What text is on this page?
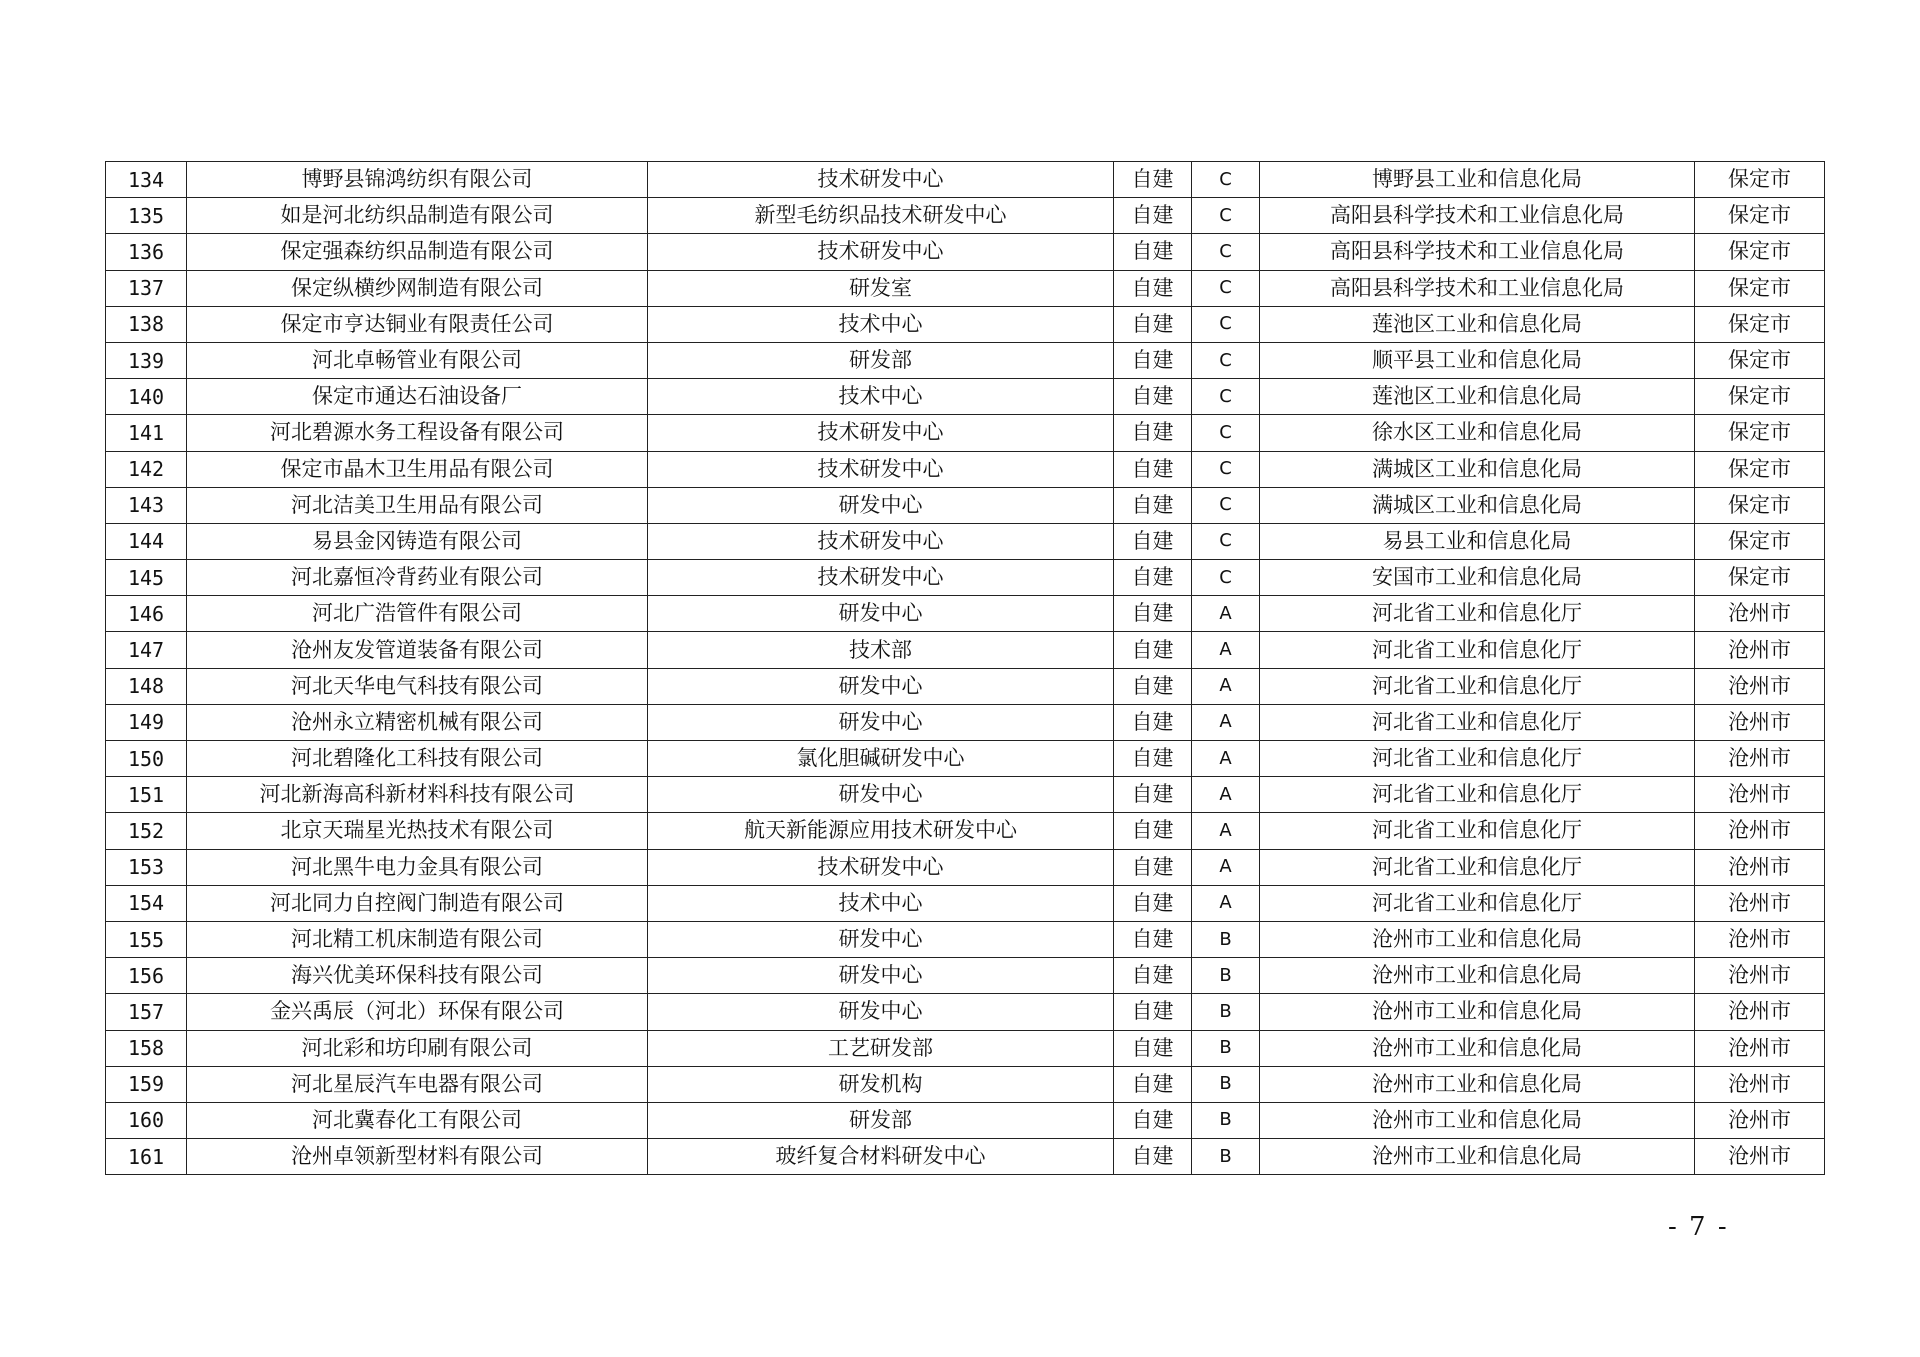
134	博野县锦鸿纺织有限公司	技术研发中心	自建	C	博野县工业和信息化局	保定市
135	如是河北纺织品制造有限公司	新型毛纺织品技术研发中心	自建	C	高阳县科学技术和工业信息化局	保定市
136	保定强森纺织品制造有限公司	技术研发中心	自建	C	高阳县科学技术和工业信息化局	保定市
137	保定纵横纱网制造有限公司	研发室	自建	C	高阳县科学技术和工业信息化局	保定市
138	保定市亨达铜业有限责任公司	技术中心	自建	C	莲池区工业和信息化局	保定市
139	河北卓畅管业有限公司	研发部	自建	C	顺平县工业和信息化局	保定市
140	保定市通达石油设备厂	技术中心	自建	C	莲池区工业和信息化局	保定市
141	河北碧源水务工程设备有限公司	技术研发中心	自建	C	徐水区工业和信息化局	保定市
142	保定市晶木卫生用品有限公司	技术研发中心	自建	C	满城区工业和信息化局	保定市
143	河北洁美卫生用品有限公司	研发中心	自建	C	满城区工业和信息化局	保定市
144	易县金冈铸造有限公司	技术研发中心	自建	C	易县工业和信息化局	保定市
145	河北嘉恒冷背药业有限公司	技术研发中心	自建	C	安国市工业和信息化局	保定市
146	河北广浩管件有限公司	研发中心	自建	A	河北省工业和信息化厅	沧州市
147	沧州友发管道装备有限公司	技术部	自建	A	河北省工业和信息化厅	沧州市
148	河北天华电气科技有限公司	研发中心	自建	A	河北省工业和信息化厅	沧州市
149	沧州永立精密机械有限公司	研发中心	自建	A	河北省工业和信息化厅	沧州市
150	河北碧隆化工科技有限公司	氯化胆碱研发中心	自建	A	河北省工业和信息化厅	沧州市
151	河北新海高科新材料科技有限公司	研发中心	自建	A	河北省工业和信息化厅	沧州市
152	北京天瑞星光热技术有限公司	航天新能源应用技术研发中心	自建	A	河北省工业和信息化厅	沧州市
153	河北黑牛电力金具有限公司	技术研发中心	自建	A	河北省工业和信息化厅	沧州市
154	河北同力自控阀门制造有限公司	技术中心	自建	A	河北省工业和信息化厅	沧州市
155	河北精工机床制造有限公司	研发中心	自建	B	沧州市工业和信息化局	沧州市
156	海兴优美环保科技有限公司	研发中心	自建	B	沧州市工业和信息化局	沧州市
157	金兴禹辰（河北）环保有限公司	研发中心	自建	B	沧州市工业和信息化局	沧州市
158	河北彩和坊印刷有限公司	工艺研发部	自建	B	沧州市工业和信息化局	沧州市
159	河北星辰汽车电器有限公司	研发机构	自建	B	沧州市工业和信息化局	沧州市
160	河北冀春化工有限公司	研发部	自建	B	沧州市工业和信息化局	沧州市
161	沧州卓领新型材料有限公司	玻纤复合材料研发中心	自建	B	沧州市工业和信息化局	沧州市
- 7 -
